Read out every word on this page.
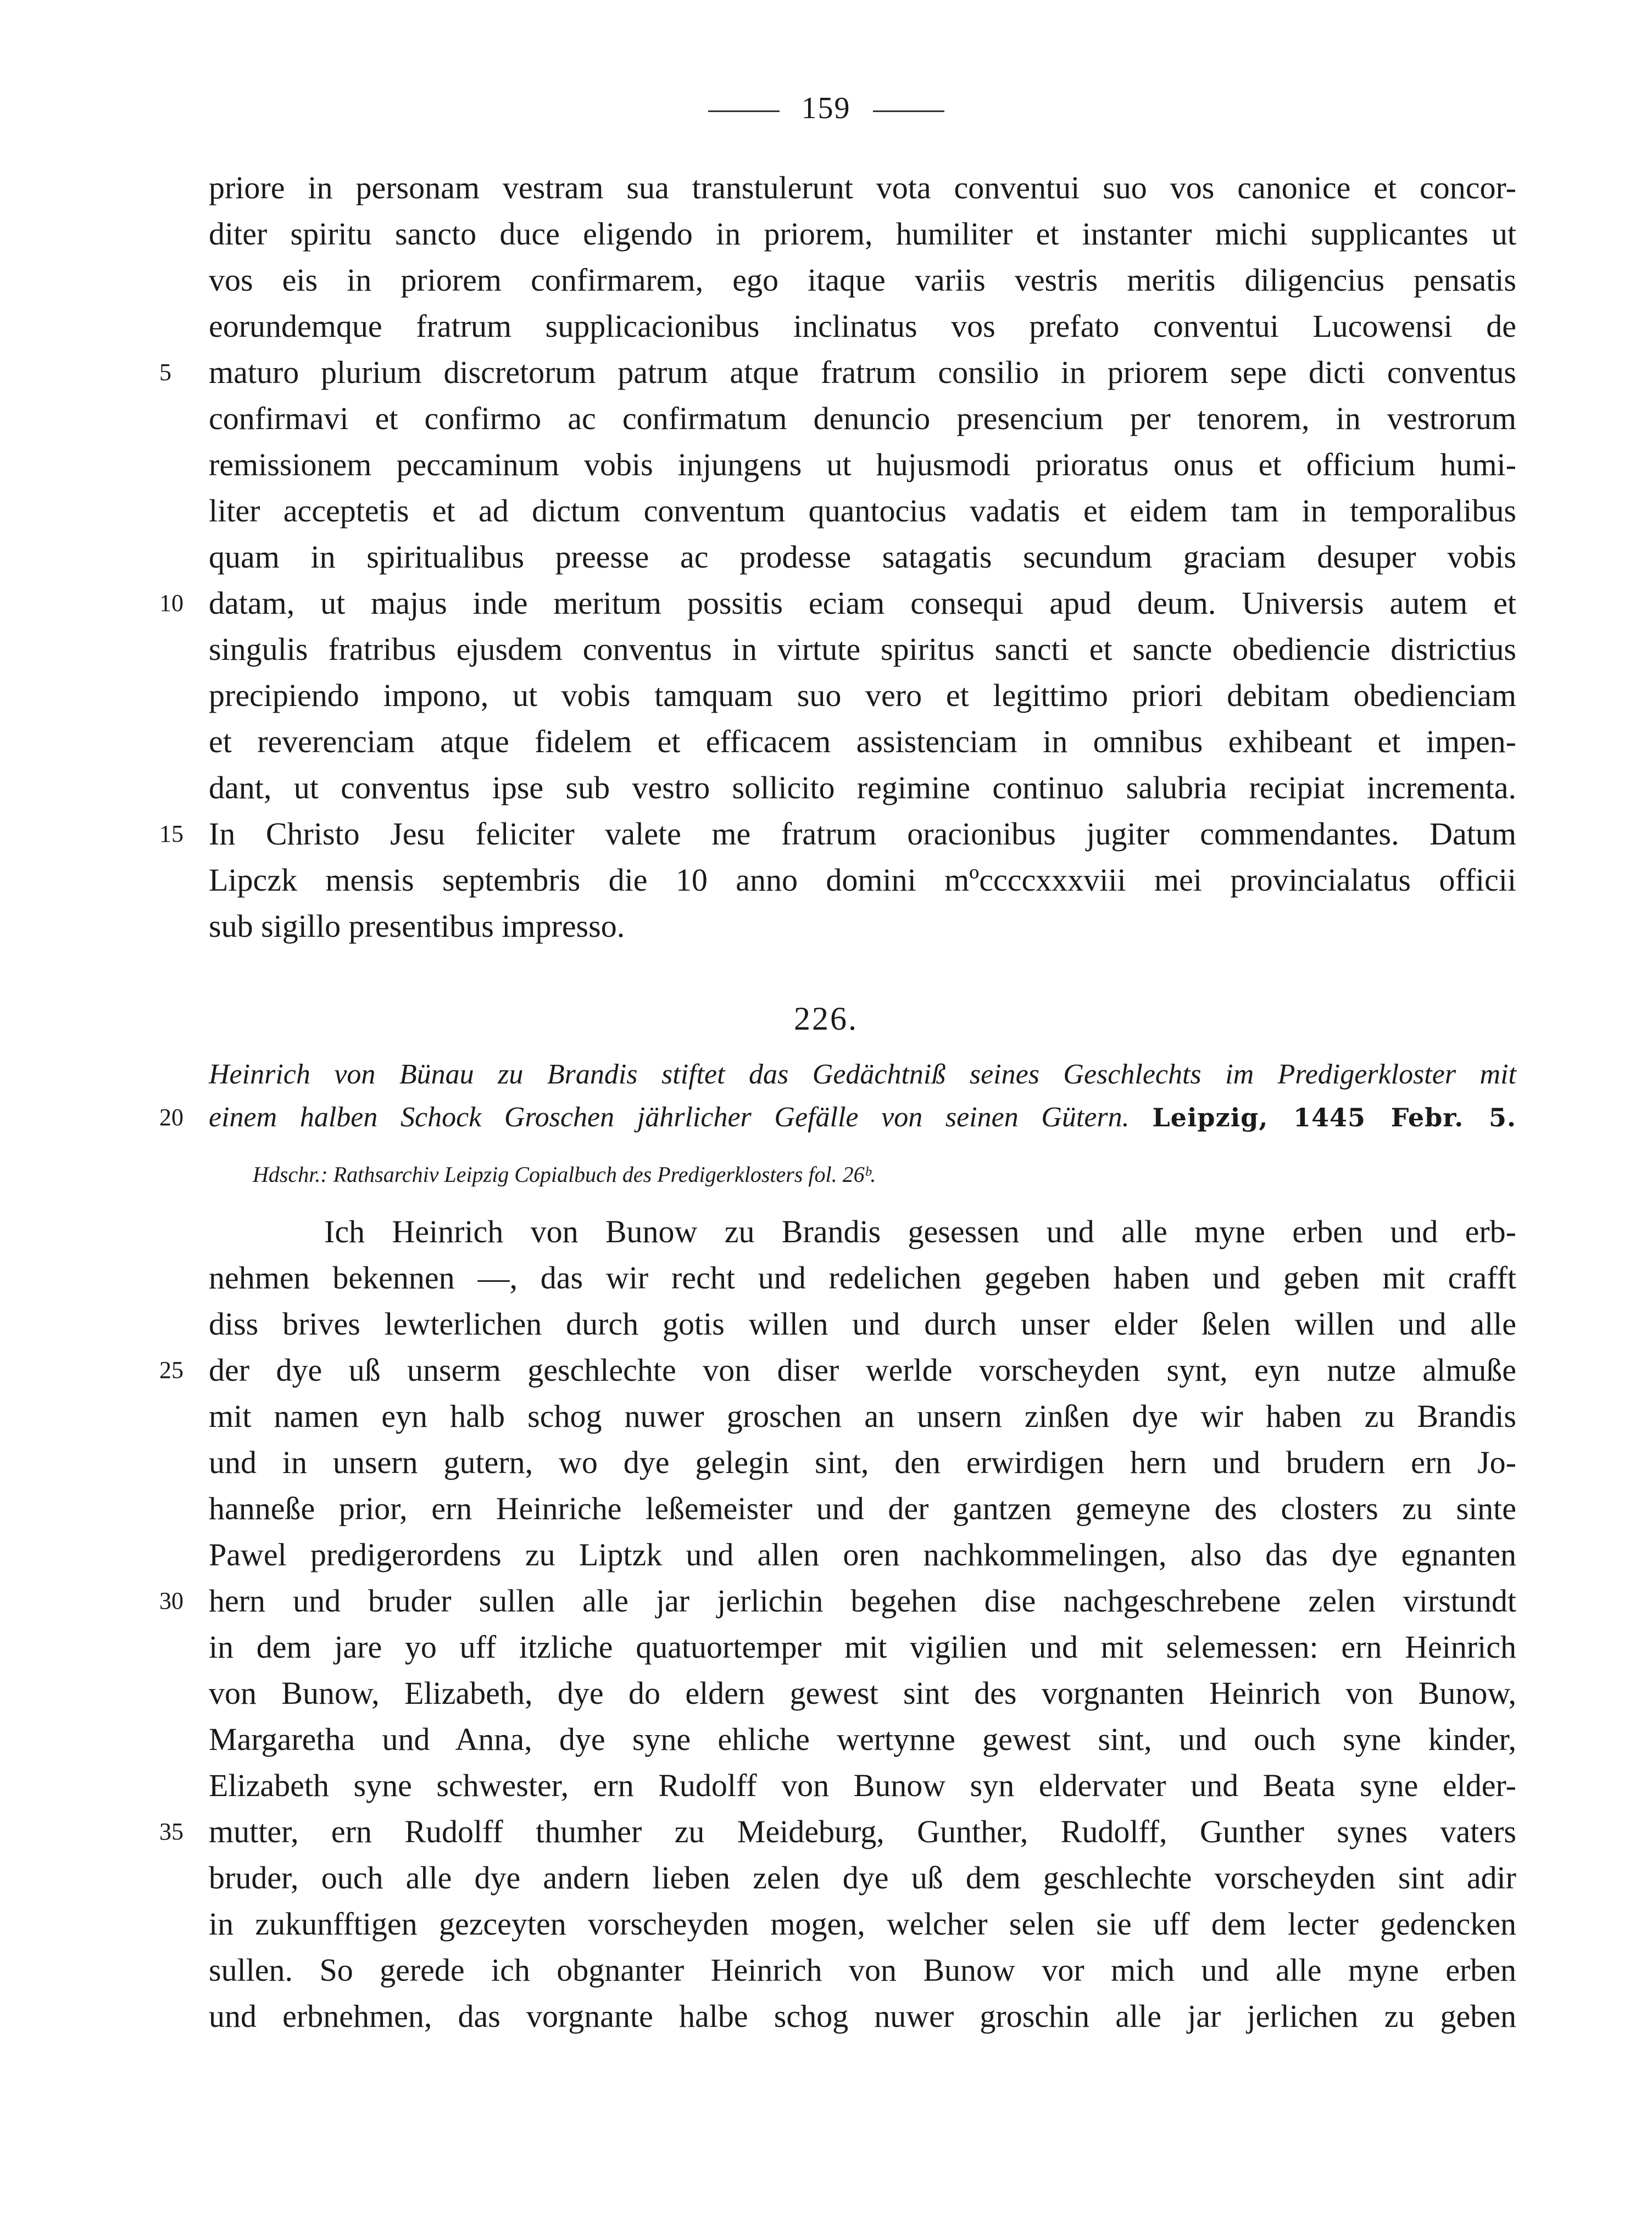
159
priore in personam vestram sua transtulerunt vota conventui suo vos canonice et concor-
diter spiritu sancto duce eligendo in priorem, humiliter et instanter michi supplicantes ut
vos eis in priorem confirmarem, ego itaque variis vestris meritis diligencius pensatis
eorundemque fratrum supplicacionibus inclinatus vos prefato conventui Lucowensi de
5	maturo plurium discretorum patrum atque fratrum consilio in priorem sepe dicti conventus
confirmavi et confirmo ac confirmatum denuncio presencium per tenorem, in vestrorum
remissionem peccaminum vobis injungens ut hujusmodi prioratus onus et officium humi-
liter acceptetis et ad dictum conventum quantocius vadatis et eidem tam in temporalibus
quam in spiritualibus preesse ac prodesse satagatis secundum graciam desuper vobis
10 datam, ut majus inde meritum possitis eciam consequi apud deum. Universis autem et
singulis fratribus ejusdem conventus in virtute spiritus sancti et sancte obediencie districtius
precipiendo impono, ut vobis tamquam suo vero et legittimo priori debitam obedienciam
et reverenciam atque fidelem et efficacem assistenciam in omnibus exhibeant et impen-
dant, ut conventus ipse sub vestro sollicito regimine continuo salubria recipiat incrementa.
15 In Christo Jesu feliciter valete me fratrum oracionibus jugiter commendantes. Datum
Lipczk mensis septembris die 10 anno domini mºccccxxxviii mei provincialatus officii
sub sigillo presentibus impresso.
226.
Heinrich von Bünau zu Brandis stiftet das Gedächtniß seines Geschlechts im Predigerkloster mit
20 einem halben Schock Groschen jährlicher Gefälle von seinen Gütern. Leipzig, 1445 Febr. 5.
Hdschr.: Rathsarchiv Leipzig Copialbuch des Predigerklosters fol. 26ᵇ.
Ich Heinrich von Bunow zu Brandis gesessen und alle myne erben und erb-
nehmen bekennen —, das wir recht und redelichen gegeben haben und geben mit crafft
diss brives lewterlichen durch gotis willen und durch unser elder ßelen willen und alle
25 der dye uß unserm geschlechte von diser werlde vorscheyden synt, eyn nutze almuße
mit namen eyn halb schog nuwer groschen an unsern zinßen dye wir haben zu Brandis
und in unsern gutern, wo dye gelegin sint, den erwirdigen hern und brudern ern Jo-
hanneße prior, ern Heinriche leßemeister und der gantzen gemeyne des closters zu sinte
Pawel predigerordens zu Liptzk und allen oren nachkommelingen, also das dye egnanten
30 hern und bruder sullen alle jar jerlichin begehen dise nachgeschrebene zelen virstundt
in dem jare yo uff itzliche quatuortemper mit vigilien und mit selemessen: ern Heinrich
von Bunow, Elizabeth, dye do eldern gewest sint des vorgnanten Heinrich von Bunow,
Margaretha und Anna, dye syne ehliche wertynne gewest sint, und ouch syne kinder,
Elizabeth syne schwester, ern Rudolff von Bunow syn eldervater und Beata syne elder-
35 mutter, ern Rudolff thumher zu Meideburg, Gunther, Rudolff, Gunther synes vaters
bruder, ouch alle dye andern lieben zelen dye uß dem geschlechte vorscheyden sint adir
in zukunfftigen gezceyten vorscheyden mogen, welcher selen sie uff dem lecter gedencken
sullen. So gerede ich obgnanter Heinrich von Bunow vor mich und alle myne erben
und erbnehmen, das vorgnante halbe schog nuwer groschin alle jar jerlichen zu geben
